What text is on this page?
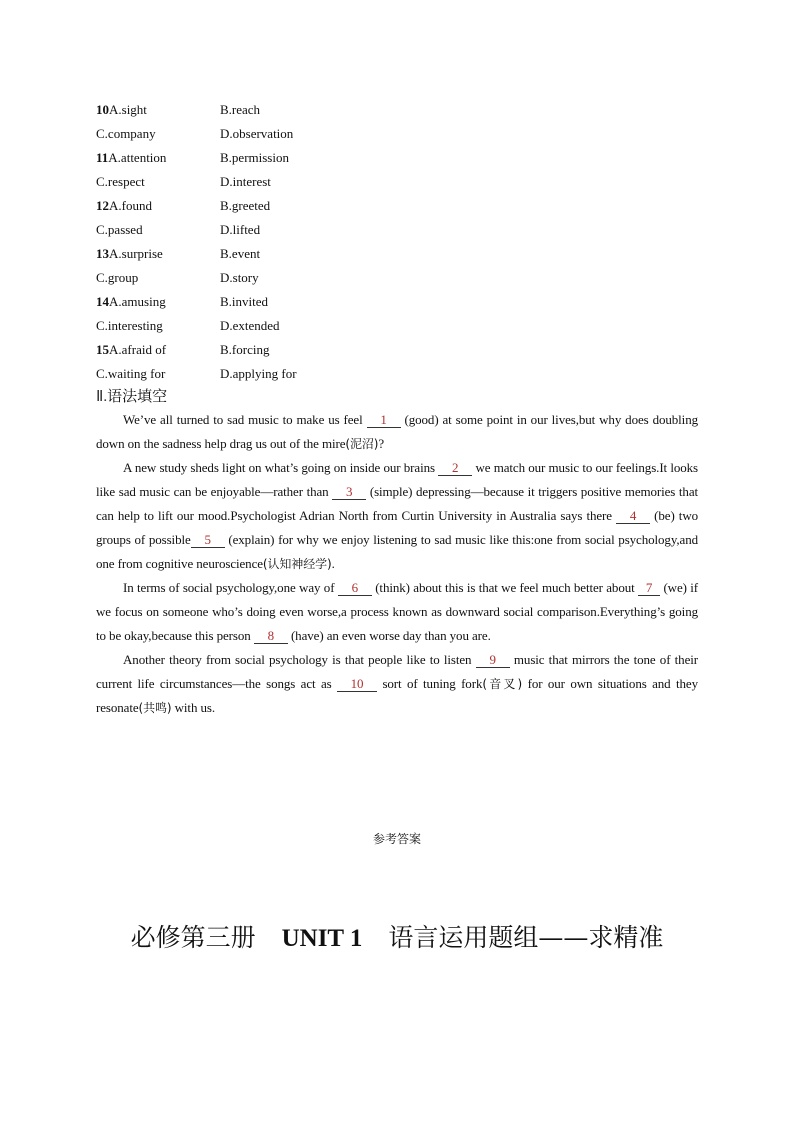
10A.sight	B.reach
C.company	D.observation
11A.attention	B.permission
C.respect	D.interest
12A.found	B.greeted
C.passed	D.lifted
13A.surprise	B.event
C.group	D.story
14A.amusing	B.invited
C.interesting	D.extended
15A.afraid of	B.forcing
C.waiting for	D.applying for
Ⅱ.语法填空

We’ve all turned to sad music to make us feel 1 (good) at some point in our lives,but why does doubling down on the sadness help drag us out of the mire(泥沼)?

A new study sheds light on what’s going on inside our brains 2 we match our music to our feelings.It looks like sad music can be enjoyable—rather than 3 (simple) depressing—because it triggers positive memories that can help to lift our mood.Psychologist Adrian North from Curtin University in Australia says there 4 (be) two groups of possible 5 (explain) for why we enjoy listening to sad music like this:one from social psychology,and one from cognitive neuroscience(认知神经学).

In terms of social psychology,one way of 6 (think) about this is that we feel much better about 7 (we) if we focus on someone who’s doing even worse,a process known as downward social comparison.Everything’s going to be okay,because this person 8 (have) an even worse day than you are.

Another theory from social psychology is that people like to listen 9 music that mirrors the tone of their current life circumstances—the songs act as 10 sort of tuning fork(音叉) for our own situations and they resonate(共鸣) with us.

参考答案
必修第三册 UNIT 1 语言运用题组——求精准
